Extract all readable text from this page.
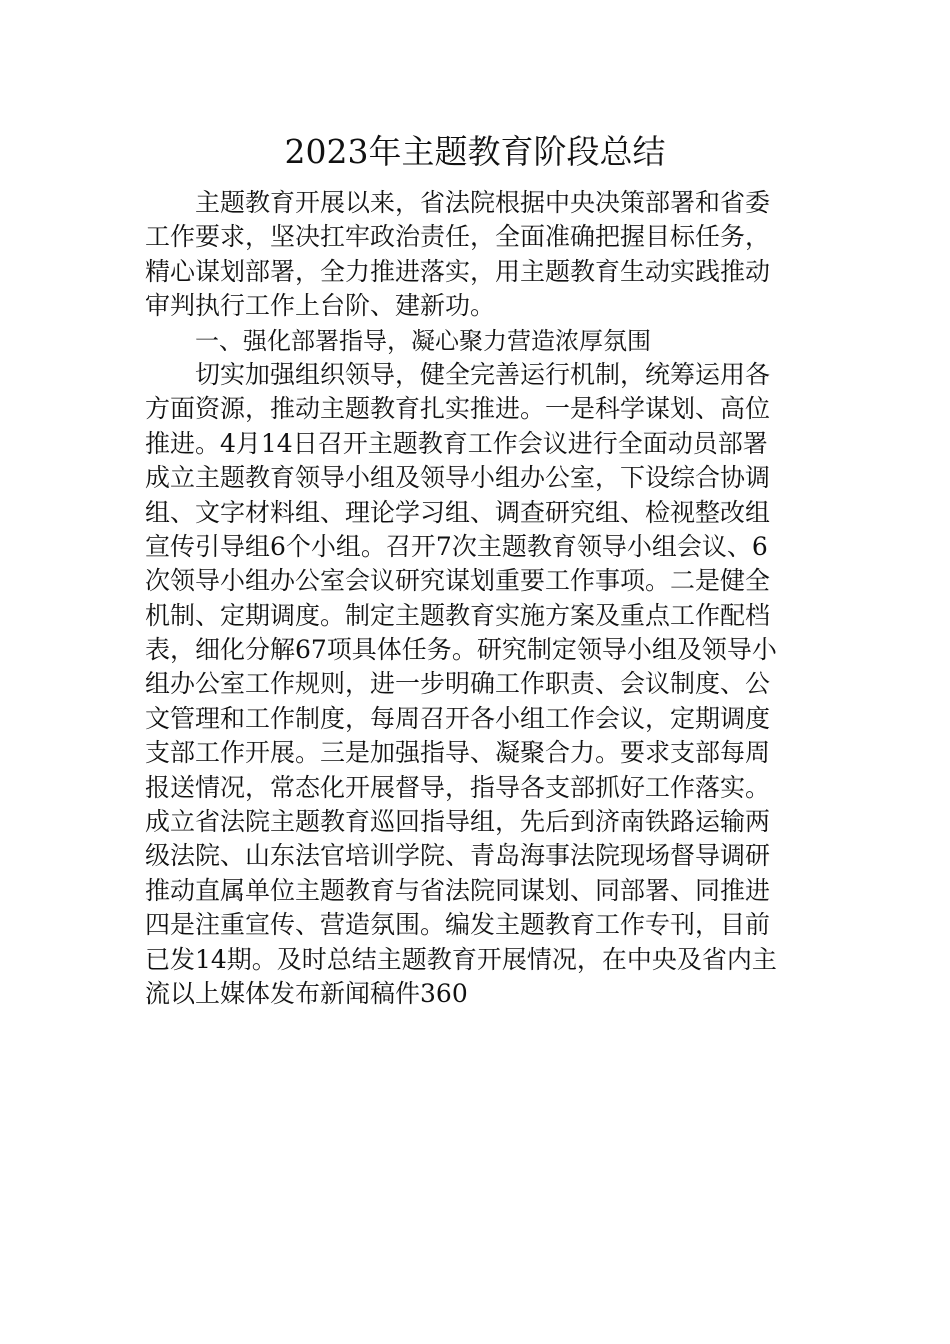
2023年主题教育阶段总结
主题教育开展以来，省法院根据中央决策部署和省委
工作要求，坚决扛牢政治责任，全面准确把握目标任务，
精心谋划部署，全力推进落实，用主题教育生动实践推动
审判执行工作上台阶、建新功。
一、强化部署指导，凝心聚力营造浓厚氛围
切实加强组织领导，健全完善运行机制，统筹运用各
方面资源，推动主题教育扎实推进。一是科学谋划、高位
推进。4月14日召开主题教育工作会议进行全面动员部署
成立主题教育领导小组及领导小组办公室，下设综合协调
组、文字材料组、理论学习组、调查研究组、检视整改组
宣传引导组6个小组。召开7次主题教育领导小组会议、6
次领导小组办公室会议研究谋划重要工作事项。二是健全
机制、定期调度。制定主题教育实施方案及重点工作配档
表，细化分解67项具体任务。研究制定领导小组及领导小
组办公室工作规则，进一步明确工作职责、会议制度、公
文管理和工作制度，每周召开各小组工作会议，定期调度
支部工作开展。三是加强指导、凝聚合力。要求支部每周
报送情况，常态化开展督导，指导各支部抓好工作落实。
成立省法院主题教育巡回指导组，先后到济南铁路运输两
级法院、山东法官培训学院、青岛海事法院现场督导调研
推动直属单位主题教育与省法院同谋划、同部署、同推进
四是注重宣传、营造氛围。编发主题教育工作专刊，目前
已发14期。及时总结主题教育开展情况，在中央及省内主
流以上媒体发布新闻稿件360
